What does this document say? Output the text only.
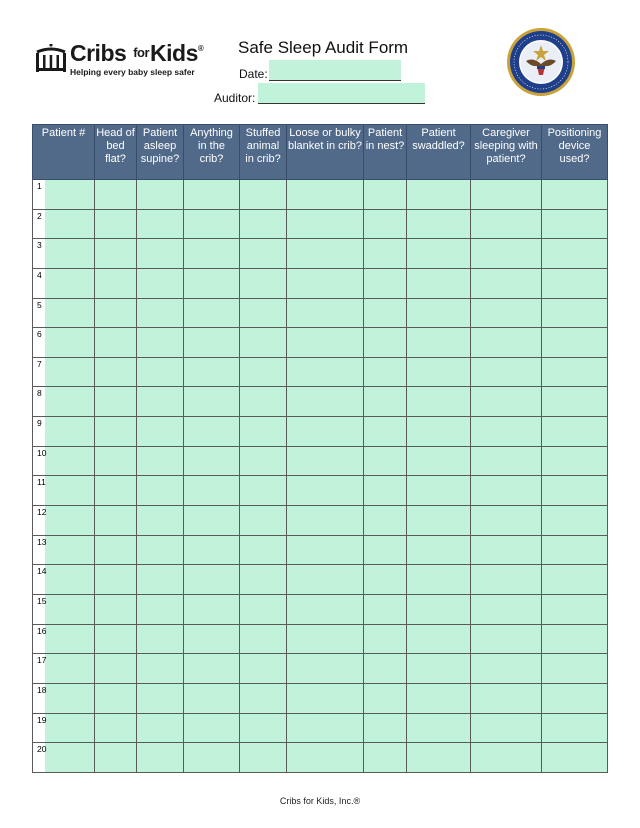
Cribs forKids®
Helping every baby sleep safer
Safe Sleep Audit Form
Date:
Auditor:
Patient #	Head of bed flat?	Patient asleep supine?	Anything in the crib?	Stuffed animal in crib?	Loose or bulky blanket in crib?	Patient in nest?	Patient swaddled?	Caregiver sleeping with patient?	Positioning device used?

1									

2									

3									

4									

5									

6									

7									

8									

9									

10									

11									

12									

13									

14									

15									

16									

17									

18									

19									

20									

Cribs for Kids, Inc.®
